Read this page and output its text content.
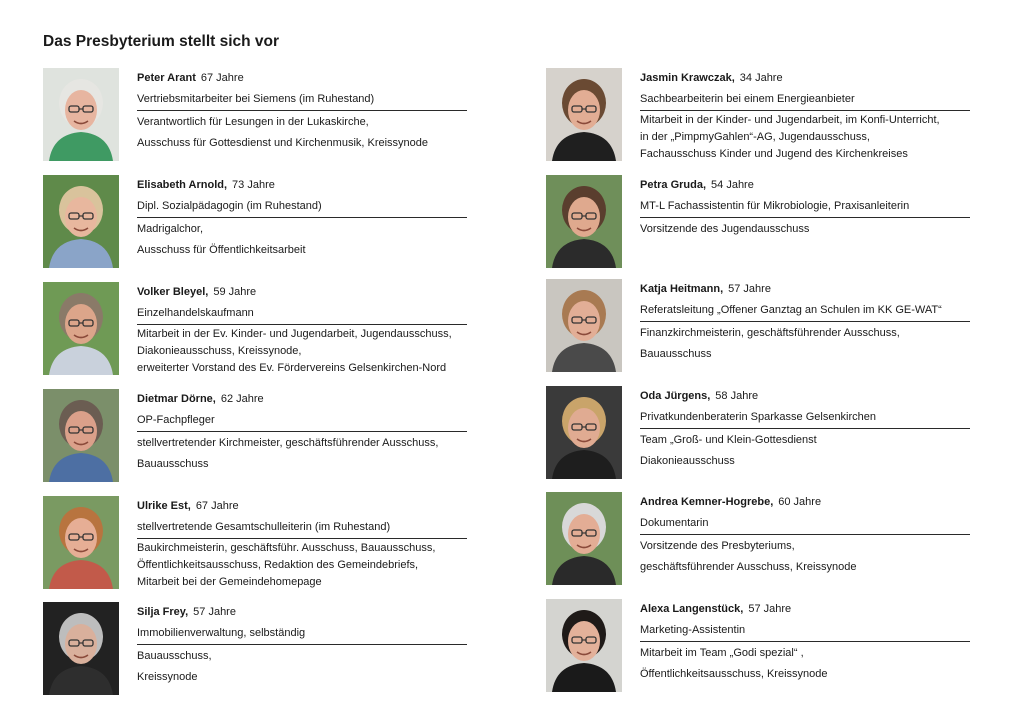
Das Presbyterium stellt sich vor
Peter Arant 67 Jahre
Vertriebsmitarbeiter bei Siemens (im Ruhestand)
Verantwortlich für Lesungen in der Lukaskirche,
Ausschuss für Gottesdienst und Kirchenmusik, Kreissynode
Elisabeth Arnold, 73 Jahre
Dipl. Sozialpädagogin (im Ruhestand)
Madrigalchor,
Ausschuss für Öffentlichkeitsarbeit
Volker Bleyel, 59 Jahre
Einzelhandelskaufmann
Mitarbeit in der Ev. Kinder- und Jugendarbeit, Jugendausschuss,
Diakonieausschuss, Kreissynode,
erweiterter Vorstand des Ev. Fördervereins Gelsenkirchen-Nord
Dietmar Dörne, 62 Jahre
OP-Fachpfleger
stellvertretender Kirchmeister, geschäftsführender Ausschuss,
Bauausschuss
Ulrike Est, 67 Jahre
stellvertretende Gesamtschulleiterin (im Ruhestand)
Baukirchmeisterin, geschäftsführ. Ausschuss, Bauausschuss,
Öffentlichkeitsausschuss, Redaktion des Gemeindebriefs,
Mitarbeit bei der Gemeindehomepage
Silja Frey, 57 Jahre
Immobilienverwaltung, selbständig
Bauausschuss,
Kreissynode
Jasmin Krawczak, 34 Jahre
Sachbearbeiterin bei einem Energieanbieter
Mitarbeit in der Kinder- und Jugendarbeit, im Konfi-Unterricht,
in der „PimpmyGahlen“-AG, Jugendausschuss,
Fachausschuss Kinder und Jugend des Kirchenkreises
Petra Gruda, 54 Jahre
MT-L Fachassistentin für Mikrobiologie, Praxisanleiterin
Vorsitzende des Jugendausschuss
Katja Heitmann, 57 Jahre
Referatsleitung „Offener Ganztag an Schulen im KK GE-WAT“
Finanzkirchmeisterin, geschäftsführender Ausschuss,
Bauausschuss
Oda Jürgens, 58 Jahre
Privatkundenberaterin Sparkasse Gelsenkirchen
Team „Groß- und Klein-Gottesdienst
Diakonieausschuss
Andrea Kemner-Hogrebe, 60 Jahre
Dokumentarin
Vorsitzende des Presbyteriums,
geschäftsführender Ausschuss, Kreissynode
Alexa Langenstück, 57 Jahre
Marketing-Assistentin
Mitarbeit im Team „Godi spezial“ ,
Öffentlichkeitsausschuss, Kreissynode
